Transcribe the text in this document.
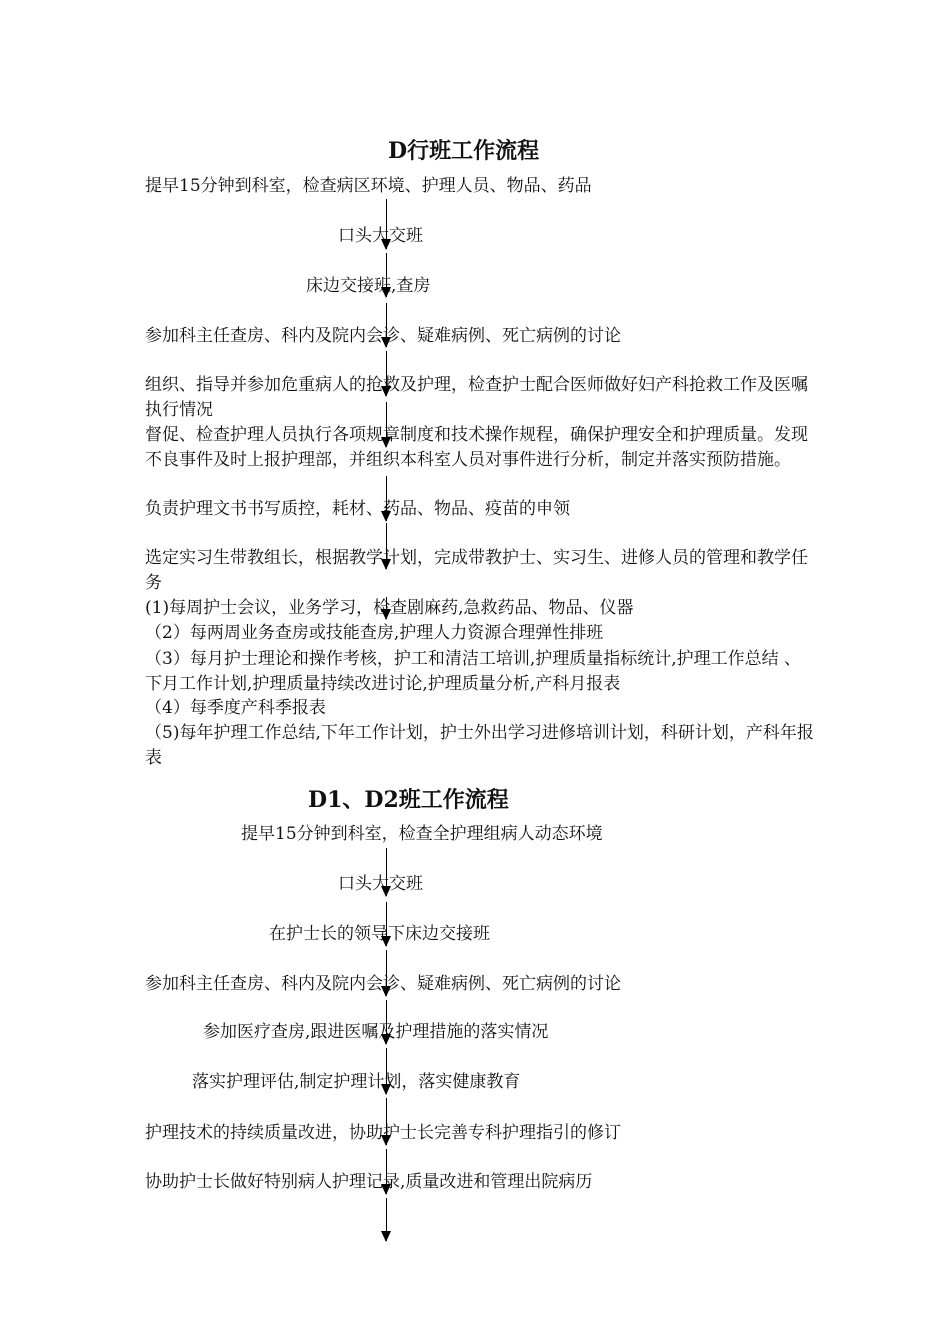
D行班工作流程
提早15分钟到科室，检查病区环境、护理人员、物品、药品
口头大交班
床边交接班,查房
参加科主任查房、科内及院内会诊、疑难病例、死亡病例的讨论
组织、指导并参加危重病人的抢救及护理，检查护士配合医师做好妇产科抢救工作及医嘱执行情况
督促、检查护理人员执行各项规章制度和技术操作规程，确保护理安全和护理质量。发现不良事件及时上报护理部，并组织本科室人员对事件进行分析，制定并落实预防措施。
负责护理文书书写质控，耗材、药品、物品、疫苗的申领
选定实习生带教组长，根据教学计划，完成带教护士、实习生、进修人员的管理和教学任务
(1)每周护士会议，业务学习，检查剧麻药,急救药品、物品、仪器
（2）每两周业务查房或技能查房,护理人力资源合理弹性排班
（3）每月护士理论和操作考核，护工和清洁工培训,护理质量指标统计,护理工作总结 、下月工作计划,护理质量持续改进讨论,护理质量分析,产科月报表
（4）每季度产科季报表
（5)每年护理工作总结,下年工作计划，护士外出学习进修培训计划，科研计划，产科年报表
D1、D2班工作流程
提早15分钟到科室，检查全护理组病人动态环境
口头大交班
在护士长的领导下床边交接班
参加科主任查房、科内及院内会诊、疑难病例、死亡病例的讨论
参加医疗查房,跟进医嘱及护理措施的落实情况
落实护理评估,制定护理计划，落实健康教育
护理技术的持续质量改进，协助护士长完善专科护理指引的修订
协助护士长做好特别病人护理记录,质量改进和管理出院病历
